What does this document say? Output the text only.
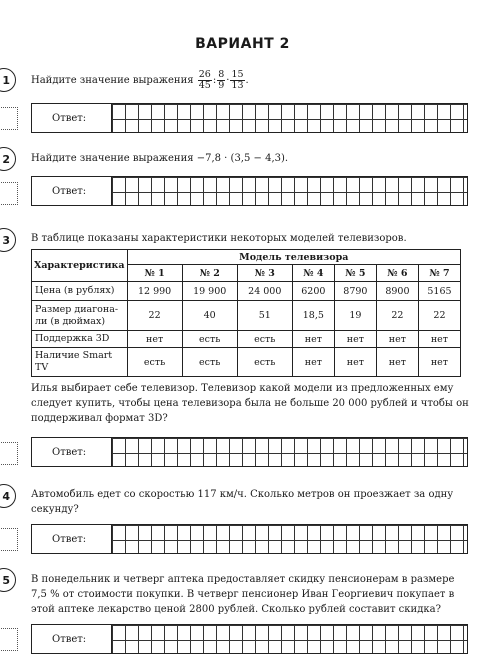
ВАРИАНТ 2
1	Найдите значение выражения $\frac{26}{45}$ : $\frac{8}{9} \cdot \frac{15}{13}$ .
Ответ:
2	Найдите значение выражения −7,8 · (3,5 − 4,3).
Ответ:
3	В таблице показаны характеристики некоторых моделей телевизоров.
Характеристика	Модель телевизора						
	№ 1	№ 2	№ 3	№ 4	№ 5	№ 6	№ 7
Цена (в рублях)	12 990	19 900	24 000	6200	8790	8900	5165
Размер диагона-ли (в дюймах)	22	40	51	18,5	19	22	22
Поддержка 3D	нет	есть	есть	нет	нет	нет	нет
Наличие Smart TV	есть	есть	есть	нет	нет	нет	нет
Илья выбирает себе телевизор. Телевизор какой модели из предложенных ему следует купить, чтобы цена телевизора была не больше 20 000 рублей и чтобы он поддерживал формат 3D?
Ответ:
4	Автомобиль едет со скоростью 117 км/ч. Сколько метров он проезжает за одну секунду?
Ответ:
5	В понедельник и четверг аптека предоставляет скидку пенсионерам в размере 7,5 % от стоимости покупки. В четверг пенсионер Иван Георгиевич покупает в этой аптеке лекарство ценой 2800 рублей. Сколько рублей составит скидка?
Ответ:
